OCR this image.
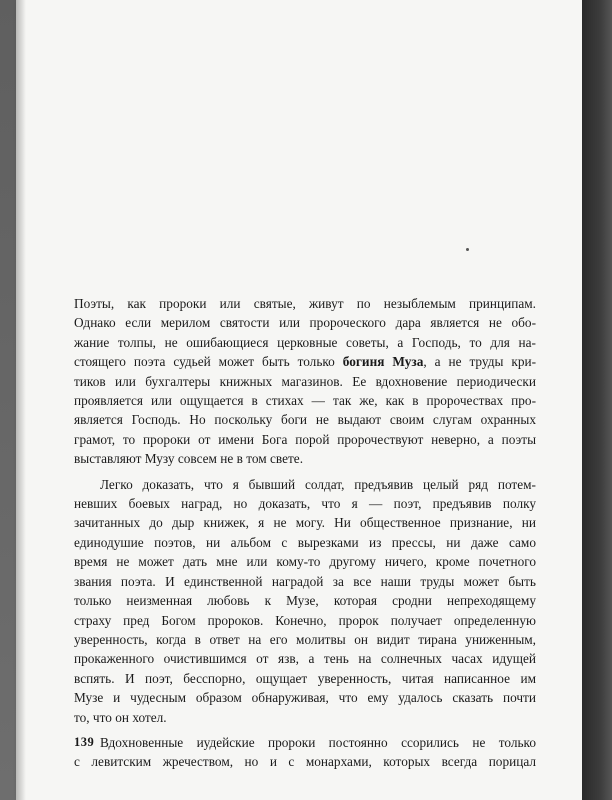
Поэты, как пророки или святые, живут по незыблемым принципам.
Однако если мерилом святости или пророческого дара является не обо-
жание толпы, не ошибающиеся церковные советы, а Господь, то для на-
стоящего поэта судьей может быть только богиня Муза, а не труды кри-
тиков или бухгалтеры книжных магазинов. Ее вдохновение периодически
проявляется или ощущается в стихах — так же, как в пророчествах про-
является Господь. Но поскольку боги не выдают своим слугам охранных
грамот, то пророки от имени Бога порой пророчествуют неверно, а поэты
выставляют Музу совсем не в том свете.

Легко доказать, что я бывший солдат, предъявив целый ряд потем-
невших боевых наград, но доказать, что я — поэт, предъявив полку
зачитанных до дыр книжек, я не могу. Ни общественное признание, ни
единодушие поэтов, ни альбом с вырезками из прессы, ни даже само
время не может дать мне или кому-то другому ничего, кроме почетного
звания поэта. И единственной наградой за все наши труды может быть
только неизменная любовь к Музе, которая сродни непреходящему
страху пред Богом пророков. Конечно, пророк получает определенную
уверенность, когда в ответ на его молитвы он видит тирана униженным,
прокаженного очистившимся от язв, а тень на солнечных часах идущей
вспять. И поэт, бесспорно, ощущает уверенность, читая написанное им
Музе и чудесным образом обнаруживая, что ему удалось сказать почти
то, что он хотел.

Вдохновенные иудейские пророки постоянно ссорились не только
с левитским жречеством, но и с монархами, которых всегда порицал

139
